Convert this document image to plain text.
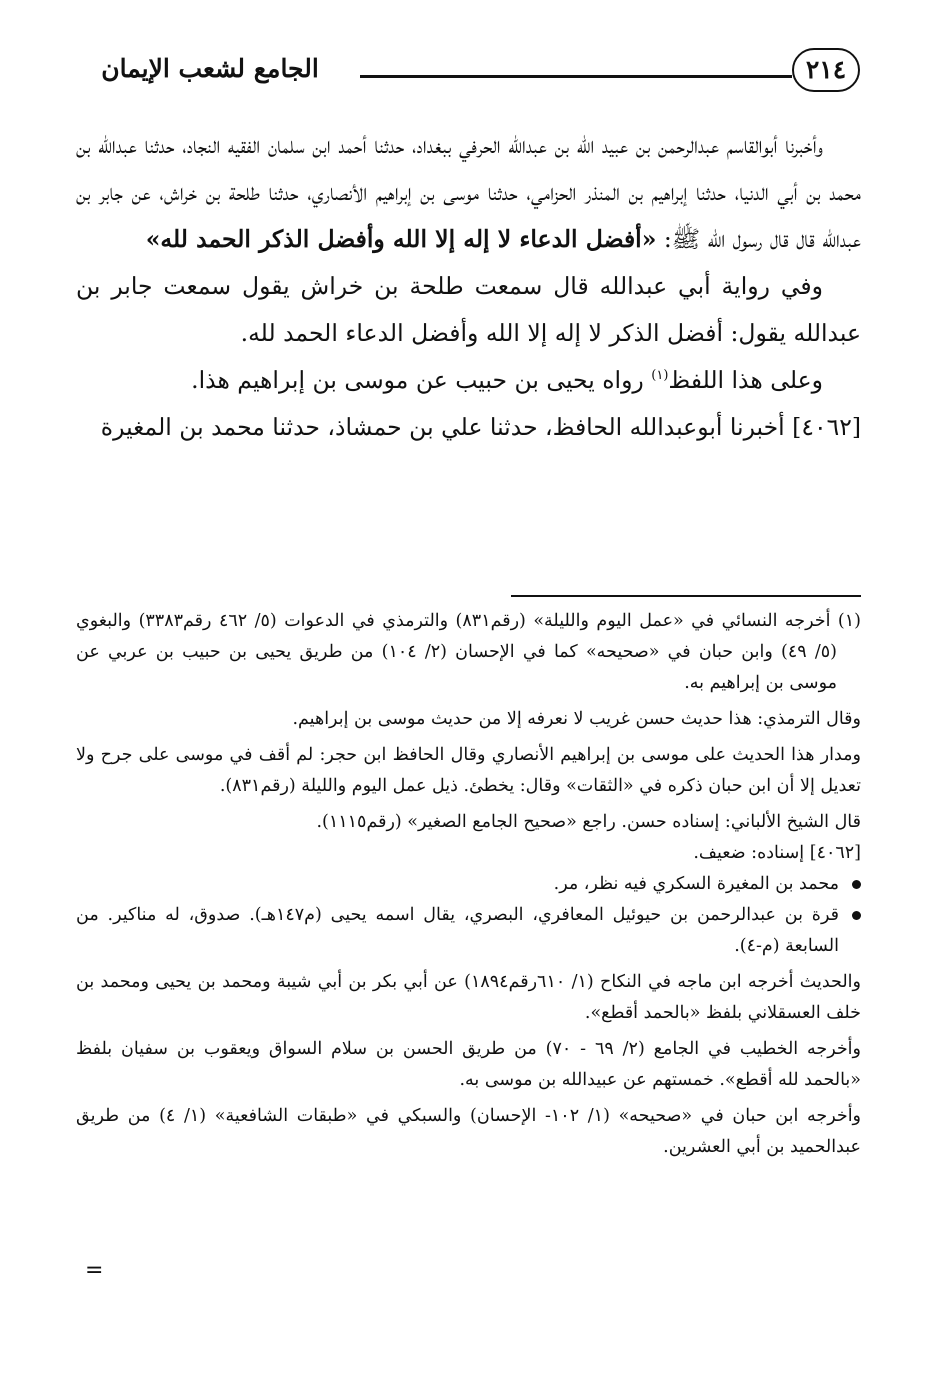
٢١٤
الجامع لشعب الإيمان

وأخبرنا أبوالقاسم عبدالرحمن بن عبيد الله بن عبدالله الحرفي ببغداد، حدثنا أحمد ابن سلمان الفقيه النجاد، حدثنا عبدالله بن محمد بن أبي الدنيا، حدثنا إبراهيم بن المنذر الحزامي، حدثنا موسى بن إبراهيم الأنصاري، حدثنا طلحة بن خراش، عن جابر بن عبدالله قال قال رسول الله ﷺ: «أفضل الدعاء لا إله إلا الله وأفضل الذكر الحمد لله»

وفي رواية أبي عبدالله قال سمعت طلحة بن خراش يقول سمعت جابر بن عبدالله يقول: أفضل الذكر لا إله إلا الله وأفضل الدعاء الحمد لله.

وعلى هذا اللفظ$^{(١)}$ رواه يحيى بن حبيب عن موسى بن إبراهيم هذا.

[٤٠٦٢] أخبرنا أبوعبدالله الحافظ، حدثنا علي بن حمشاذ، حدثنا محمد بن المغيرة

(١) أخرجه النسائي في «عمل اليوم والليلة» (رقم٨٣١) والترمذي في الدعوات (٥/ ٤٦٢ رقم٣٣٨٣) والبغوي (٥/ ٤٩) وابن حبان في «صحيحه» كما في الإحسان (٢/ ١٠٤) من طريق يحيى بن حبيب بن عربي عن موسى بن إبراهيم به.

وقال الترمذي: هذا حديث حسن غريب لا نعرفه إلا من حديث موسى بن إبراهيم.

ومدار هذا الحديث على موسى بن إبراهيم الأنصاري وقال الحافظ ابن حجر: لم أقف في موسى على جرح ولا تعديل إلا أن ابن حبان ذكره في «الثقات» وقال: يخطئ. ذيل عمل اليوم والليلة (رقم٨٣١).

قال الشيخ الألباني: إسناده حسن. راجع «صحيح الجامع الصغير» (رقم١١١٥).

[٤٠٦٢] إسناده: ضعيف.

محمد بن المغيرة السكري فيه نظر، مر.
قرة بن عبدالرحمن بن حيوئيل المعافري، البصري، يقال اسمه يحيى (م١٤٧هـ). صدوق، له مناكير. من السابعة (م-٤).

والحديث أخرجه ابن ماجه في النكاح (١/ ٦١٠رقم١٨٩٤) عن أبي بكر بن أبي شيبة ومحمد بن يحيى ومحمد بن خلف العسقلاني بلفظ «بالحمد أقطع».

وأخرجه الخطيب في الجامع (٢/ ٦٩ - ٧٠) من طريق الحسن بن سلام السواق ويعقوب بن سفيان بلفظ «بالحمد لله أقطع». خمستهم عن عبيدالله بن موسى به.

وأخرجه ابن حبان في «صحيحه» (١/ ١٠٢- الإحسان) والسبكي في «طبقات الشافعية» (١/ ٤) من طريق عبدالحميد بن أبي العشرين.

=
